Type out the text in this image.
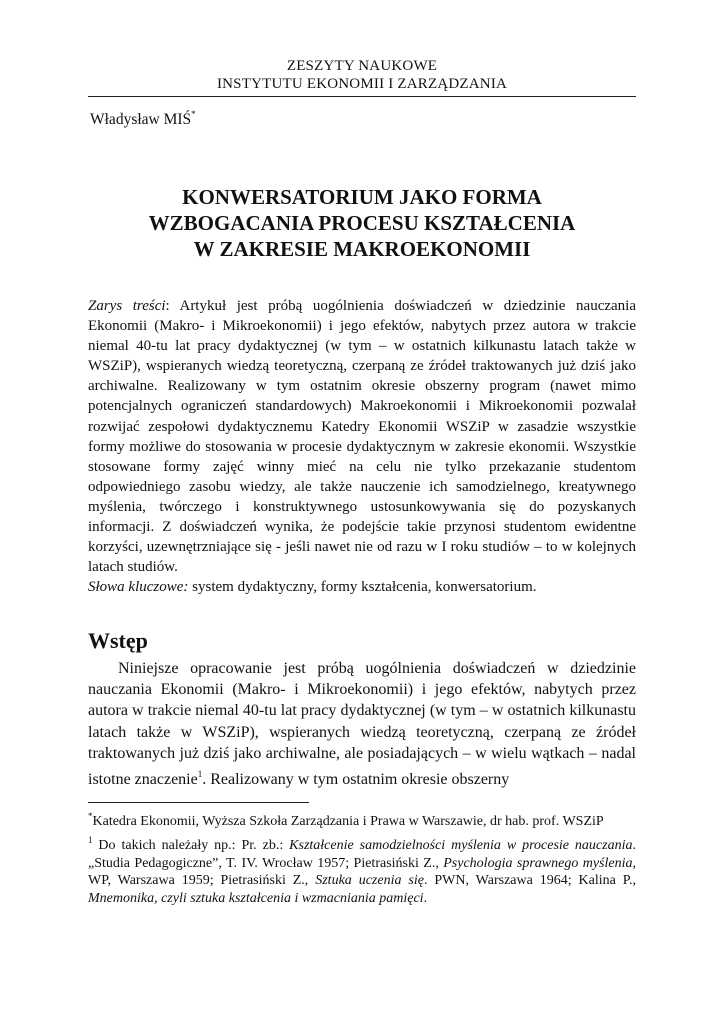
ZESZYTY NAUKOWE
INSTYTUTU EKONOMII I ZARZĄDZANIA
Władysław MIŚ*
KONWERSATORIUM JAKO FORMA
WZBOGACANIA PROCESU KSZTAŁCENIA
W ZAKRESIE MAKROEKONOMII

Zarys treści: Artykuł jest próbą uogólnienia doświadczeń w dziedzinie nauczania Ekonomii (Makro- i Mikroekonomii) i jego efektów, nabytych przez autora w trakcie niemal 40-tu lat pracy dydaktycznej (w tym – w ostatnich kilkunastu latach także w WSZiP), wspieranych wiedzą teoretyczną, czerpaną ze źródeł traktowanych już dziś jako archiwalne. Realizowany w tym ostatnim okresie obszerny program (nawet mimo potencjalnych ograniczeń standardowych) Makroekonomii i Mikroekonomii pozwalał rozwijać zespołowi dydaktycznemu Katedry Ekonomii WSZiP w zasadzie wszystkie formy możliwe do stosowania w procesie dydaktycznym w zakresie ekonomii. Wszystkie stosowane formy zajęć winny mieć na celu nie tylko przekazanie studentom odpowiedniego zasobu wiedzy, ale także nauczenie ich samodzielnego, kreatywnego myślenia, twórczego i konstruktywnego ustosunkowywania się do pozyskanych informacji. Z doświadczeń wynika, że podejście takie przynosi studentom ewidentne korzyści, uzewnętrzniające się - jeśli nawet nie od razu w I roku studiów – to w kolejnych latach studiów.

Słowa kluczowe: system dydaktyczny, formy kształcenia, konwersatorium.

Wstęp

Niniejsze opracowanie jest próbą uogólnienia doświadczeń w dziedzinie nauczania Ekonomii (Makro- i Mikroekonomii) i jego efektów, nabytych przez autora w trakcie niemal 40-tu lat pracy dydaktycznej (w tym – w ostatnich kilkunastu latach także w WSZiP), wspieranych wiedzą teoretyczną, czerpaną ze źródeł traktowanych już dziś jako archiwalne, ale posiadających – w wielu wątkach – nadal istotne znaczenie$^1$. Realizowany w tym ostatnim okresie obszerny

*Katedra Ekonomii, Wyższa Szkoła Zarządzania i Prawa w Warszawie, dr hab. prof. WSZiP

$^1$ Do takich należały np.: Pr. zb.: Kształcenie samodzielności myślenia w procesie nauczania. „Studia Pedagogiczne”, T. IV. Wrocław 1957; Pietrasiński Z., Psychologia sprawnego myślenia, WP, Warszawa 1959; Pietrasiński Z., Sztuka uczenia się. PWN, Warszawa 1964; Kalina P., Mnemonika, czyli sztuka kształcenia i wzmacniania pamięci.
